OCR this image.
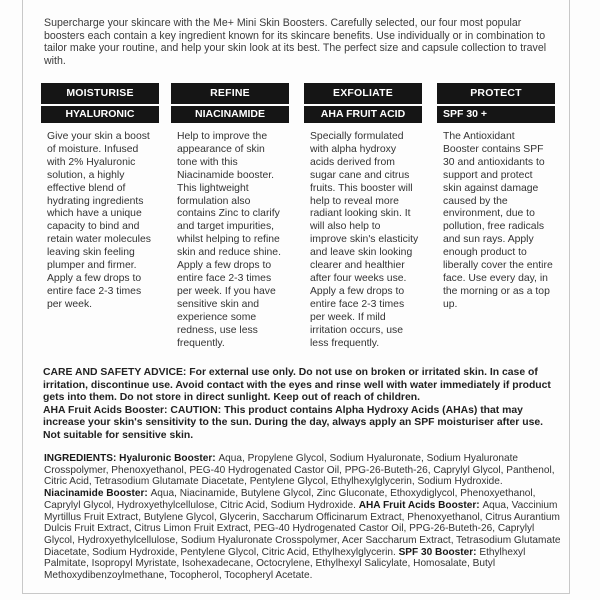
Supercharge your skincare with the Me+ Mini Skin Boosters. Carefully selected, our four most popular boosters each contain a key ingredient known for its skincare benefits. Use individually or in combination to tailor make your routine, and help your skin look at its best. The perfect size and capsule collection to travel with.
MOISTURISE
HYALURONIC
Give your skin a boost of moisture. Infused with 2% Hyaluronic solution, a highly effective blend of hydrating ingredients which have a unique capacity to bind and retain water molecules leaving skin feeling plumper and firmer. Apply a few drops to entire face 2-3 times per week.
REFINE
NIACINAMIDE
Help to improve the appearance of skin tone with this Niacinamide booster. This lightweight formulation also contains Zinc to clarify and target impurities, whilst helping to refine skin and reduce shine. Apply a few drops to entire face 2-3 times per week. If you have sensitive skin and experience some redness, use less frequently.
EXFOLIATE
AHA FRUIT ACID
Specially formulated with alpha hydroxy acids derived from sugar cane and citrus fruits. This booster will help to reveal more radiant looking skin. It will also help to improve skin's elasticity and leave skin looking clearer and healthier after four weeks use. Apply a few drops to entire face 2-3 times per week. If mild irritation occurs, use less frequently.
PROTECT
SPF 30 +
The Antioxidant Booster contains SPF 30 and antioxidants to support and protect skin against damage caused by the environment, due to pollution, free radicals and sun rays. Apply enough product to liberally cover the entire face. Use every day, in the morning or as a top up.

CARE AND SAFETY ADVICE: For external use only. Do not use on broken or irritated skin. In case of irritation, discontinue use. Avoid contact with the eyes and rinse well with water immediately if product gets into them. Do not store in direct sunlight. Keep out of reach of children.

AHA Fruit Acids Booster: CAUTION: This product contains Alpha Hydroxy Acids (AHAs) that may increase your skin's sensitivity to the sun. During the day, always apply an SPF moisturiser after use. Not suitable for sensitive skin.

INGREDIENTS: Hyaluronic Booster: Aqua, Propylene Glycol, Sodium Hyaluronate, Sodium Hyaluronate Crosspolymer, Phenoxyethanol, PEG-40 Hydrogenated Castor Oil, PPG-26-Buteth-26, Caprylyl Glycol, Panthenol, Citric Acid, Tetrasodium Glutamate Diacetate, Pentylene Glycol, Ethylhexylglycerin, Sodium Hydroxide. Niacinamide Booster: Aqua, Niacinamide, Butylene Glycol, Zinc Gluconate, Ethoxydiglycol, Phenoxyethanol, Caprylyl Glycol, Hydroxyethylcellulose, Citric Acid, Sodium Hydroxide. AHA Fruit Acids Booster: Aqua, Vaccinium Myrtillus Fruit Extract, Butylene Glycol, Glycerin, Saccharum Officinarum Extract, Phenoxyethanol, Citrus Aurantium Dulcis Fruit Extract, Citrus Limon Fruit Extract, PEG-40 Hydrogenated Castor Oil, PPG-26-Buteth-26, Caprylyl Glycol, Hydroxyethylcellulose, Sodium Hyaluronate Crosspolymer, Acer Saccharum Extract, Tetrasodium Glutamate Diacetate, Sodium Hydroxide, Pentylene Glycol, Citric Acid, Ethylhexylglycerin. SPF 30 Booster: Ethylhexyl Palmitate, Isopropyl Myristate, Isohexadecane, Octocrylene, Ethylhexyl Salicylate, Homosalate, Butyl Methoxydibenzoylmethane, Tocopherol, Tocopheryl Acetate.
